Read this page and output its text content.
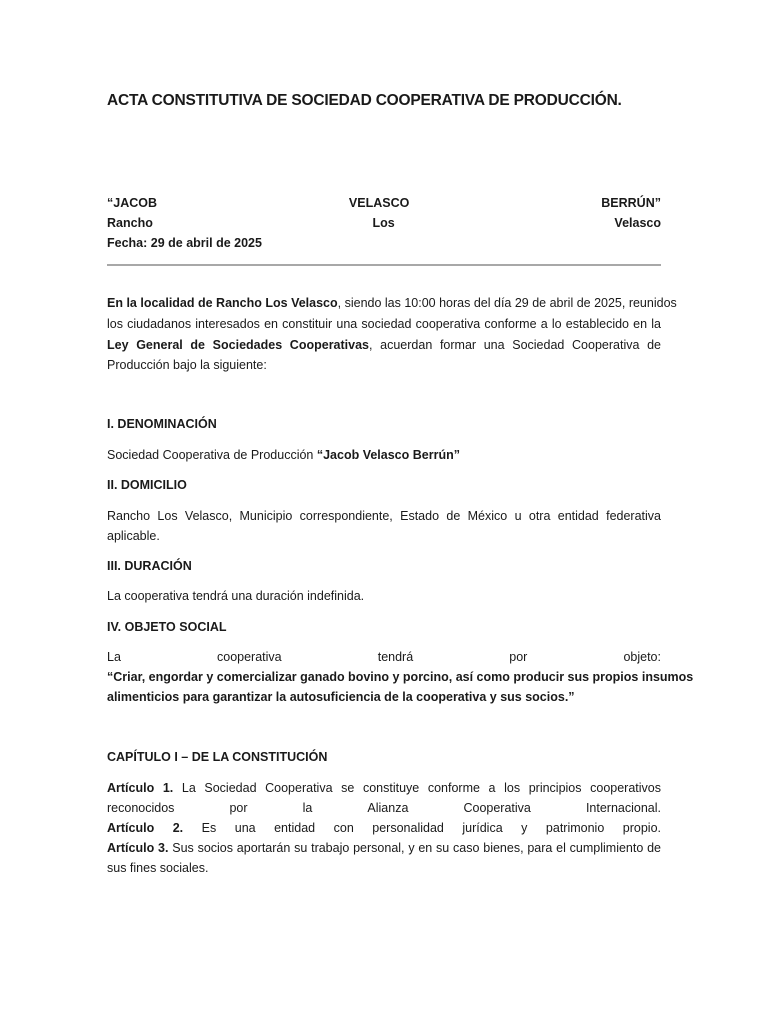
ACTA CONSTITUTIVA DE SOCIEDAD COOPERATIVA DE PRODUCCIÓN.
“JACOB	VELASCO	BERRÚN”
Rancho	Los	Velasco
Fecha: 29 de abril de 2025
En la localidad de Rancho Los Velasco, siendo las 10:00 horas del día 29 de abril de 2025, reunidos
los ciudadanos interesados en constituir una sociedad cooperativa conforme a lo establecido en la
Ley General de Sociedades Cooperativas, acuerdan formar una Sociedad Cooperativa de
Producción bajo la siguiente:
I. DENOMINACIÓN
Sociedad Cooperativa de Producción “Jacob Velasco Berrún”
II. DOMICILIO
Rancho Los Velasco, Municipio correspondiente, Estado de México u otra entidad federativa
aplicable.
III. DURACIÓN
La cooperativa tendrá una duración indefinida.
IV. OBJETO SOCIAL
La	cooperativa	tendrá	por	objeto:
“Criar, engordar y comercializar ganado bovino y porcino, así como producir sus propios insumos
alimenticios para garantizar la autosuficiencia de la cooperativa y sus socios.”
CAPÍTULO I – DE LA CONSTITUCIÓN
Artículo 1. La Sociedad Cooperativa se constituye conforme a los principios cooperativos
reconocidos	por	la	Alianza	Cooperativa	Internacional.
Artículo 2. Es una entidad con personalidad jurídica y patrimonio propio.
Artículo 3. Sus socios aportarán su trabajo personal, y en su caso bienes, para el cumplimiento de
sus fines sociales.
